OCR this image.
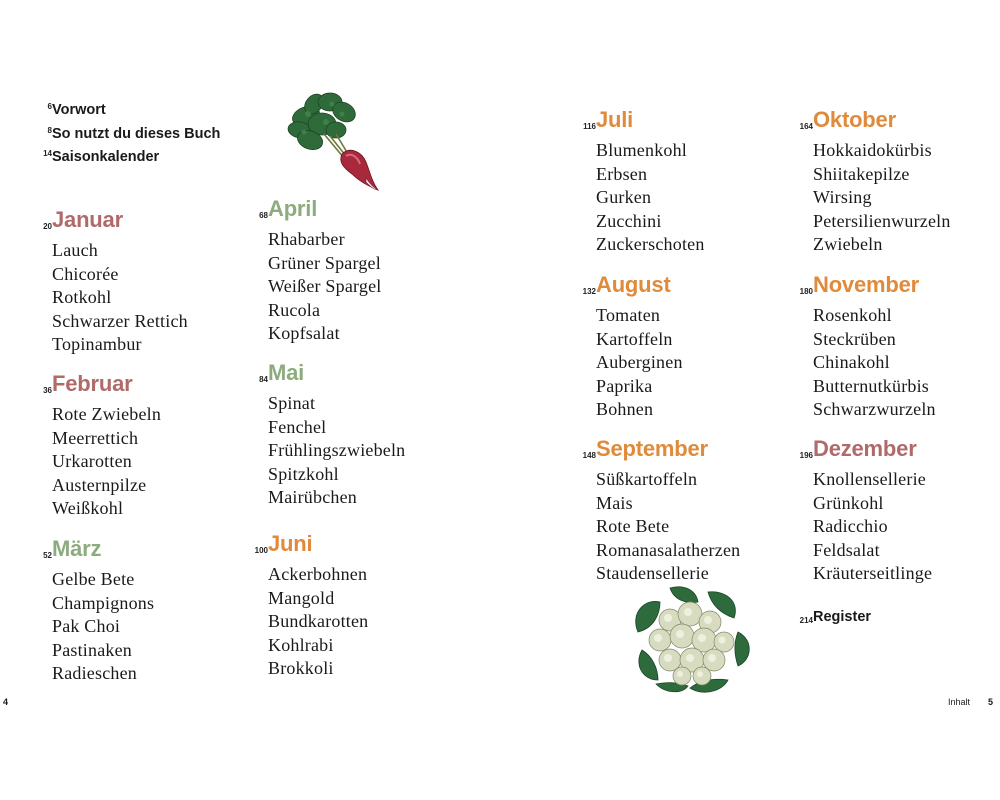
6 Vorwort
8 So nutzt du dieses Buch
14 Saisonkalender
20 Januar
Lauch
Chicorée
Rotkohl
Schwarzer Rettich
Topinambur
36 Februar
Rote Zwiebeln
Meerrettich
Urkarotten
Austernpilze
Weißkohl
52 März
Gelbe Bete
Champignons
Pak Choi
Pastinaken
Radieschen
68 April
Rhabarber
Grüner Spargel
Weißer Spargel
Rucola
Kopfsalat
84 Mai
Spinat
Fenchel
Frühlingszwiebeln
Spitzkohl
Mairübchen
100 Juni
Ackerbohnen
Mangold
Bundkarotten
Kohlrabi
Brokkoli
116 Juli
Blumenkohl
Erbsen
Gurken
Zucchini
Zuckerschoten
132 August
Tomaten
Kartoffeln
Auberginen
Paprika
Bohnen
148 September
Süßkartoffeln
Mais
Rote Bete
Romanasalatherzen
Staudensellerie
164 Oktober
Hokkaidokürbis
Shiitakepilze
Wirsing
Petersilienwurzeln
Zwiebeln
180 November
Rosenkohl
Steckrüben
Chinakohl
Butternutkürbis
Schwarzwurzeln
196 Dezember
Knollensellerie
Grünkohl
Radicchio
Feldsalat
Kräuterseitlinge
214 Register
4	Inhalt 5
